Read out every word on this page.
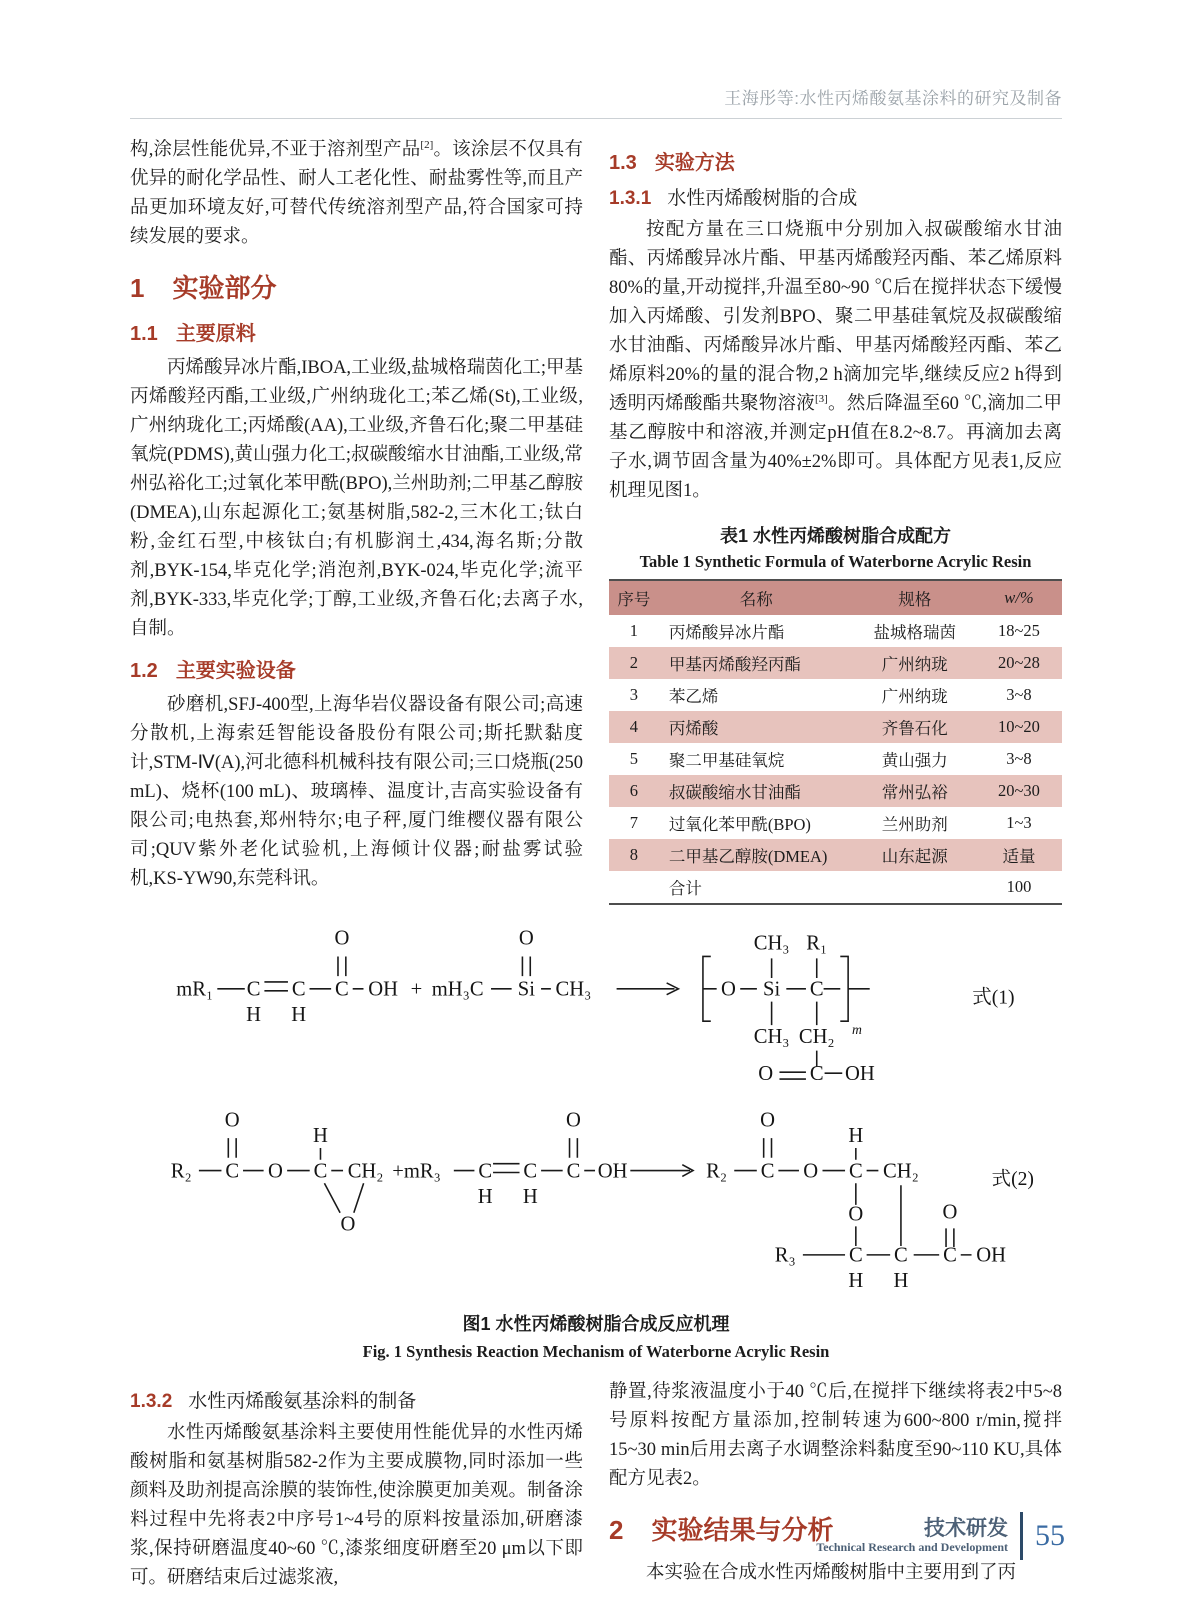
王海彤等:水性丙烯酸氨基涂料的研究及制备

构,涂层性能优异,不亚于溶剂型产品[2]。该涂层不仅具有优异的耐化学品性、耐人工老化性、耐盐雾性等,而且产品更加环境友好,可替代传统溶剂型产品,符合国家可持续发展的要求。

1 实验部分
1.1 主要原料

丙烯酸异冰片酯,IBOA,工业级,盐城格瑞茵化工;甲基丙烯酸羟丙酯,工业级,广州纳珑化工;苯乙烯(St),工业级,广州纳珑化工;丙烯酸(AA),工业级,齐鲁石化;聚二甲基硅氧烷(PDMS),黄山强力化工;叔碳酸缩水甘油酯,工业级,常州弘裕化工;过氧化苯甲酰(BPO),兰州助剂;二甲基乙醇胺(DMEA),山东起源化工;氨基树脂,582-2,三木化工;钛白粉,金红石型,中核钛白;有机膨润土,434,海名斯;分散剂,BYK-154,毕克化学;消泡剂,BYK-024,毕克化学;流平剂,BYK-333,毕克化学;丁醇,工业级,齐鲁石化;去离子水,自制。

1.2 主要实验设备

砂磨机,SFJ-400型,上海华岩仪器设备有限公司;高速分散机,上海索廷智能设备股份有限公司;斯托默黏度计,STM-Ⅳ(A),河北德科机械科技有限公司;三口烧瓶(250 mL)、烧杯(100 mL)、玻璃棒、温度计,吉高实验设备有限公司;电热套,郑州特尔;电子秤,厦门维樱仪器有限公司;QUV紫外老化试验机,上海倾计仪器;耐盐雾试验机,KS-YW90,东莞科讯。

1.3 实验方法
1.3.1 水性丙烯酸树脂的合成

按配方量在三口烧瓶中分别加入叔碳酸缩水甘油酯、丙烯酸异冰片酯、甲基丙烯酸羟丙酯、苯乙烯原料80%的量,开动搅拌,升温至80~90 ℃后在搅拌状态下缓慢加入丙烯酸、引发剂BPO、聚二甲基硅氧烷及叔碳酸缩水甘油酯、丙烯酸异冰片酯、甲基丙烯酸羟丙酯、苯乙烯原料20%的量的混合物,2 h滴加完毕,继续反应2 h得到透明丙烯酸酯共聚物溶液[3]。然后降温至60 ℃,滴加二甲基乙醇胺中和溶液,并测定pH值在8.2~8.7。再滴加去离子水,调节固含量为40%±2%即可。具体配方见表1,反应机理见图1。

表1 水性丙烯酸树脂合成配方
Table 1 Synthetic Formula of Waterborne Acrylic Resin
序号	名称	规格	w/%
1	丙烯酸异冰片酯	盐城格瑞茵	18~25
2	甲基丙烯酸羟丙酯	广州纳珑	20~28
3	苯乙烯	广州纳珑	3~8
4	丙烯酸	齐鲁石化	10~20
5	聚二甲基硅氧烷	黄山强力	3~8
6	叔碳酸缩水甘油酯	常州弘裕	20~30
7	过氧化苯甲酰(BPO)	兰州助剂	1~3
8	二甲基乙醇胺(DMEA)	山东起源	适量
	合计		100
mR₁ C
H
C
H
C
O
OH + mH₃C Si
O
CH₃	O Si
CH₃
CH₃
C
R₁
CH₂ m
O C OH
式(1)
R₂ C
O
O C
H
O
CH₂ +mR₃ C
H
C
H
C
O
OH	R₂ C
O
O C
H
CH₂
O
R₃	C
H
C
H
O
C OH
式(2)
图1 水性丙烯酸树脂合成反应机理
Fig. 1 Synthesis Reaction Mechanism of Waterborne Acrylic Resin
1.3.2 水性丙烯酸氨基涂料的制备

水性丙烯酸氨基涂料主要使用性能优异的水性丙烯酸树脂和氨基树脂582-2作为主要成膜物,同时添加一些颜料及助剂提高涂膜的装饰性,使涂膜更加美观。制备涂料过程中先将表2中序号1~4号的原料按量添加,研磨漆浆,保持研磨温度40~60 ℃,漆浆细度研磨至20 μm以下即可。研磨结束后过滤浆液,

静置,待浆液温度小于40 ℃后,在搅拌下继续将表2中5~8号原料按配方量添加,控制转速为600~800 r/min,搅拌15~30 min后用去离子水调整涂料黏度至90~110 KU,具体配方见表2。

2 实验结果与分析

本实验在合成水性丙烯酸树脂中主要用到了丙

技术研发
Technical Research and Development 55
